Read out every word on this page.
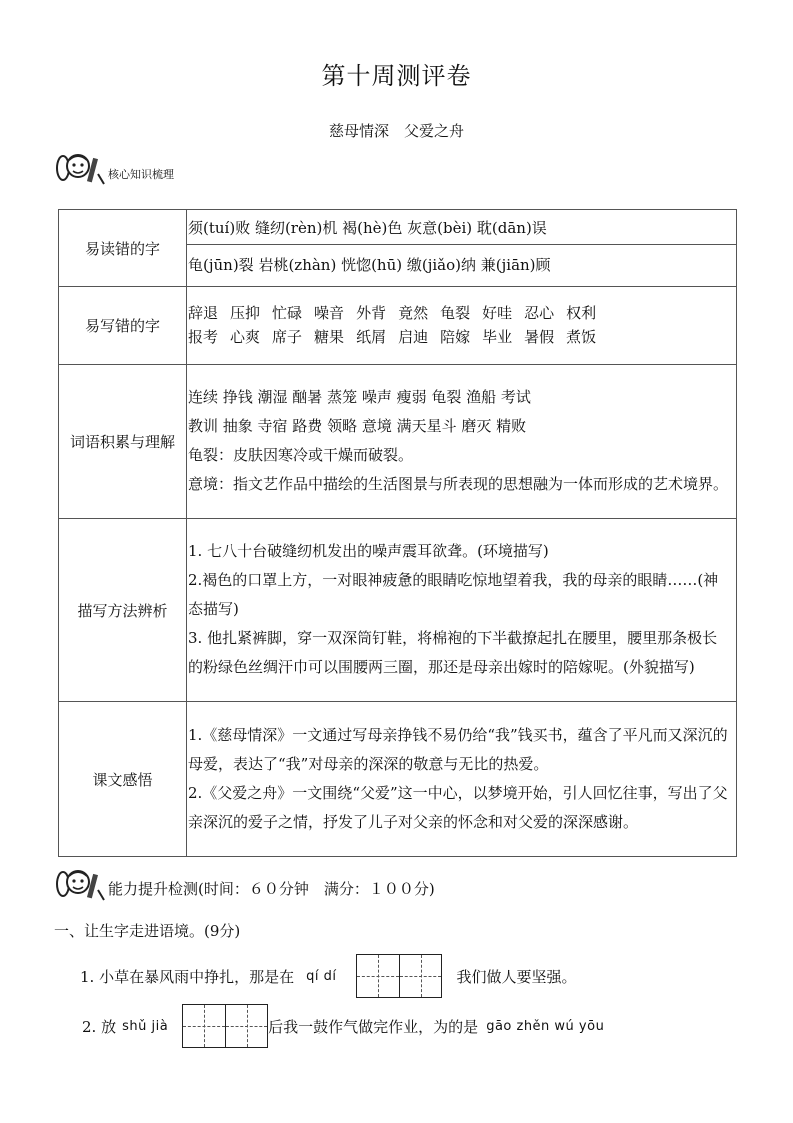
第十周测评卷
慈母情深　父爱之舟
核心知识梳理
易读错的字	须(tuí)败 缝纫(rèn)机 褐(hè)色 灰意(bèi) 耽(dān)误
龟(jūn)裂 岩桃(zhàn) 恍惚(hū) 缴(jiǎo)纳 兼(jiān)顾

易写错的字	辞退 压抑 忙碌 噪音 外背 竟然 龟裂 好哇 忍心 权利
报考 心爽 席子 糖果 纸屑 启迪 陪嫁 毕业 暑假 煮饭

词语积累与理解	连续 挣钱 潮湿 酗暑 蒸笼 噪声 瘦弱 龟裂 渔船 考试
教训 抽象 寺宿 路费 领略 意境 满天星斗 磨灭 精败
龟裂：皮肤因寒冷或干燥而破裂。
意境：指文艺作品中描绘的生活图景与所表现的思想融为一体而形成的艺术境界。

描写方法辨析	1. 七八十台破缝纫机发出的噪声震耳欲聋。(环境描写)
2.褐色的口罩上方，一对眼神疲惫的眼睛吃惊地望着我，我的母亲的眼睛……(神态描写)
3. 他扎紧裤脚，穿一双深筒钉鞋，将棉袍的下半截撩起扎在腰里，腰里那条极长的粉绿色丝绸汗巾可以围腰两三圈，那还是母亲出嫁时的陪嫁呢。(外貌描写)

课文感悟	1.《慈母情深》一文通过写母亲挣钱不易仍给“我”钱买书，蕴含了平凡而又深沉的母爱，表达了“我”对母亲的深深的敬意与无比的热爱。
2.《父爱之舟》一文围绕“父爱”这一中心，以梦境开始，引人回忆往事，写出了父亲深沉的爱子之情，抒发了儿子对父亲的怀念和对父爱的深深感谢。
能力提升检测(时间：６０分钟　满分：１００分)
一、让生字走进语境。(9分)
1. 小草在暴风雨中挣扎，那是在 qí dí	我们做人要坚强。
2. 放 shǔ jià	后我一鼓作气做完作业，为的是 gāo zhěn wú yōu
